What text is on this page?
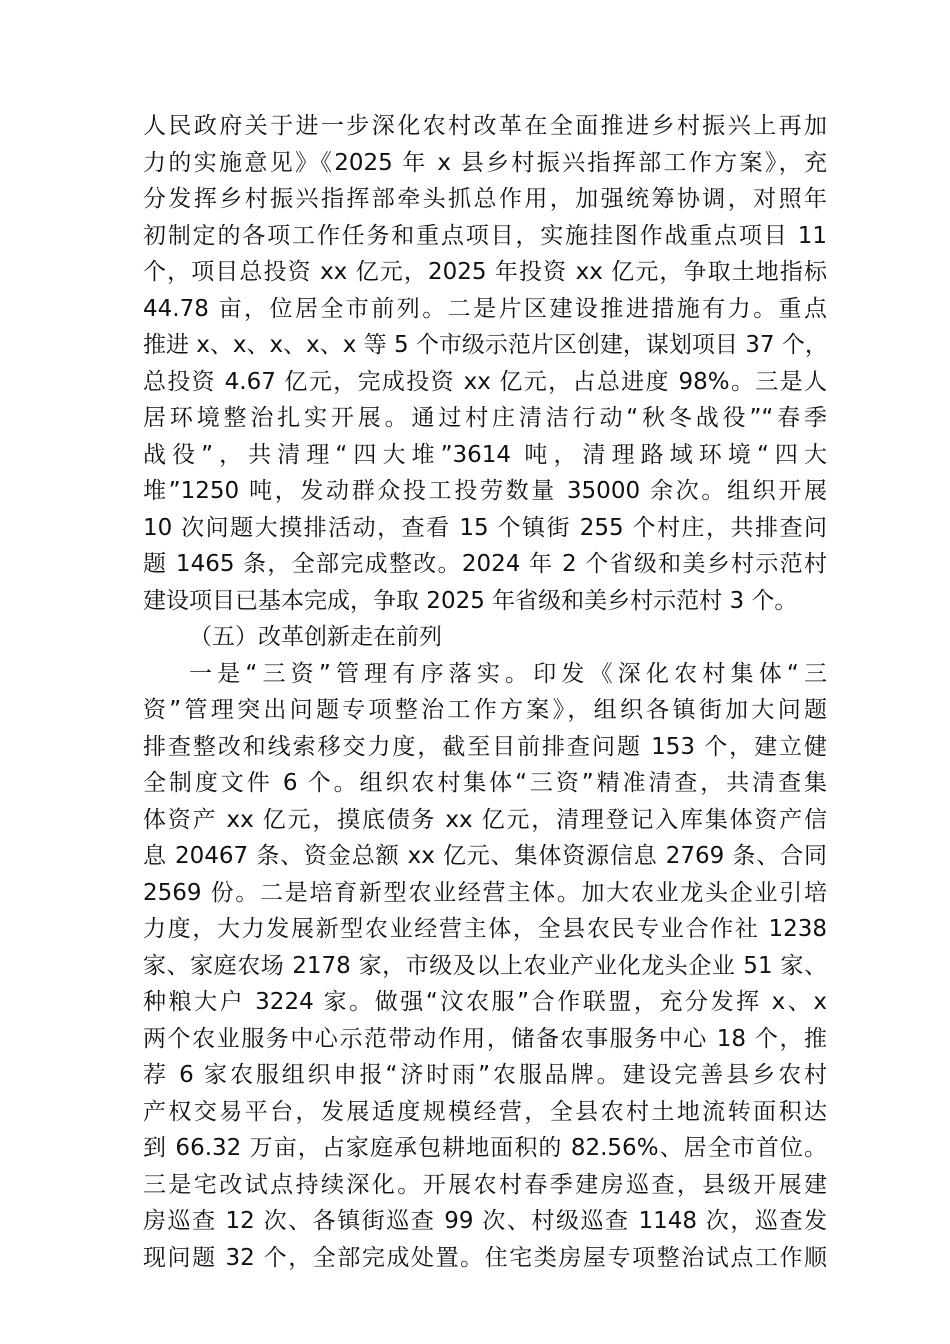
人民政府关于进一步深化农村改革在全面推进乡村振兴上再加
力的实施意见》《2025 年 x 县乡村振兴指挥部工作方案》，充
分发挥乡村振兴指挥部牵头抓总作用，加强统筹协调，对照年
初制定的各项工作任务和重点项目，实施挂图作战重点项目 11
个，项目总投资 xx 亿元，2025 年投资 xx 亿元，争取土地指标
44.78 亩，位居全市前列。二是片区建设推进措施有力。重点
推进 x、x、x、x、x 等 5 个市级示范片区创建，谋划项目 37 个，
总投资 4.67 亿元，完成投资 xx 亿元，占总进度 98%。三是人
居环境整治扎实开展。通过村庄清洁行动“秋冬战役”“春季
战役”，共清理“四大堆”3614 吨，清理路域环境“四大
堆”1250 吨，发动群众投工投劳数量 35000 余次。组织开展
10 次问题大摸排活动，查看 15 个镇街 255 个村庄，共排查问
题 1465 条，全部完成整改。2024 年 2 个省级和美乡村示范村
建设项目已基本完成，争取 2025 年省级和美乡村示范村 3 个。
（五）改革创新走在前列
一是“三资”管理有序落实。印发《深化农村集体“三
资”管理突出问题专项整治工作方案》，组织各镇街加大问题
排查整改和线索移交力度，截至目前排查问题 153 个，建立健
全制度文件 6 个。组织农村集体“三资”精准清查，共清查集
体资产 xx 亿元，摸底债务 xx 亿元，清理登记入库集体资产信
息 20467 条、资金总额 xx 亿元、集体资源信息 2769 条、合同
2569 份。二是培育新型农业经营主体。加大农业龙头企业引培
力度，大力发展新型农业经营主体，全县农民专业合作社 1238
家、家庭农场 2178 家，市级及以上农业产业化龙头企业 51 家、
种粮大户 3224 家。做强“汶农服”合作联盟，充分发挥 x、x
两个农业服务中心示范带动作用，储备农事服务中心 18 个，推
荐 6 家农服组织申报“济时雨”农服品牌。建设完善县乡农村
产权交易平台，发展适度规模经营，全县农村土地流转面积达
到 66.32 万亩，占家庭承包耕地面积的 82.56%、居全市首位。
三是宅改试点持续深化。开展农村春季建房巡查，县级开展建
房巡查 12 次、各镇街巡查 99 次、村级巡查 1148 次，巡查发
现问题 32 个，全部完成处置。住宅类房屋专项整治试点工作顺
